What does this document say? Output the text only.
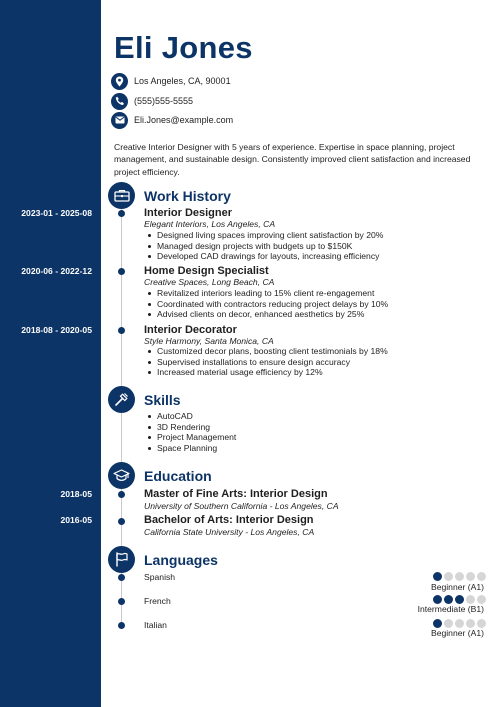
Eli Jones
Los Angeles, CA, 90001
(555)555-5555
Eli.Jones@example.com
Creative Interior Designer with 5 years of experience. Expertise in space planning, project management, and sustainable design. Consistently improved client satisfaction and increased project efficiency.
Work History
2023-01 - 2025-08	Interior Designer
Elegant Interiors, Los Angeles, CA
Designed living spaces improving client satisfaction by 20%
Managed design projects with budgets up to $150K
Developed CAD drawings for layouts, increasing efficiency
2020-06 - 2022-12	Home Design Specialist
Creative Spaces, Long Beach, CA
Revitalized interiors leading to 15% client re-engagement
Coordinated with contractors reducing project delays by 10%
Advised clients on decor, enhanced aesthetics by 25%
2018-08 - 2020-05	Interior Decorator
Style Harmony, Santa Monica, CA
Customized decor plans, boosting client testimonials by 18%
Supervised installations to ensure design accuracy
Increased material usage efficiency by 12%
Skills
AutoCAD
3D Rendering
Project Management
Space Planning
Education
2018-05	Master of Fine Arts: Interior Design
University of Southern California - Los Angeles, CA
2016-05	Bachelor of Arts: Interior Design
California State University - Los Angeles, CA
Languages
Spanish
Beginner (A1)
French
Intermediate (B1)
Italian
Beginner (A1)
